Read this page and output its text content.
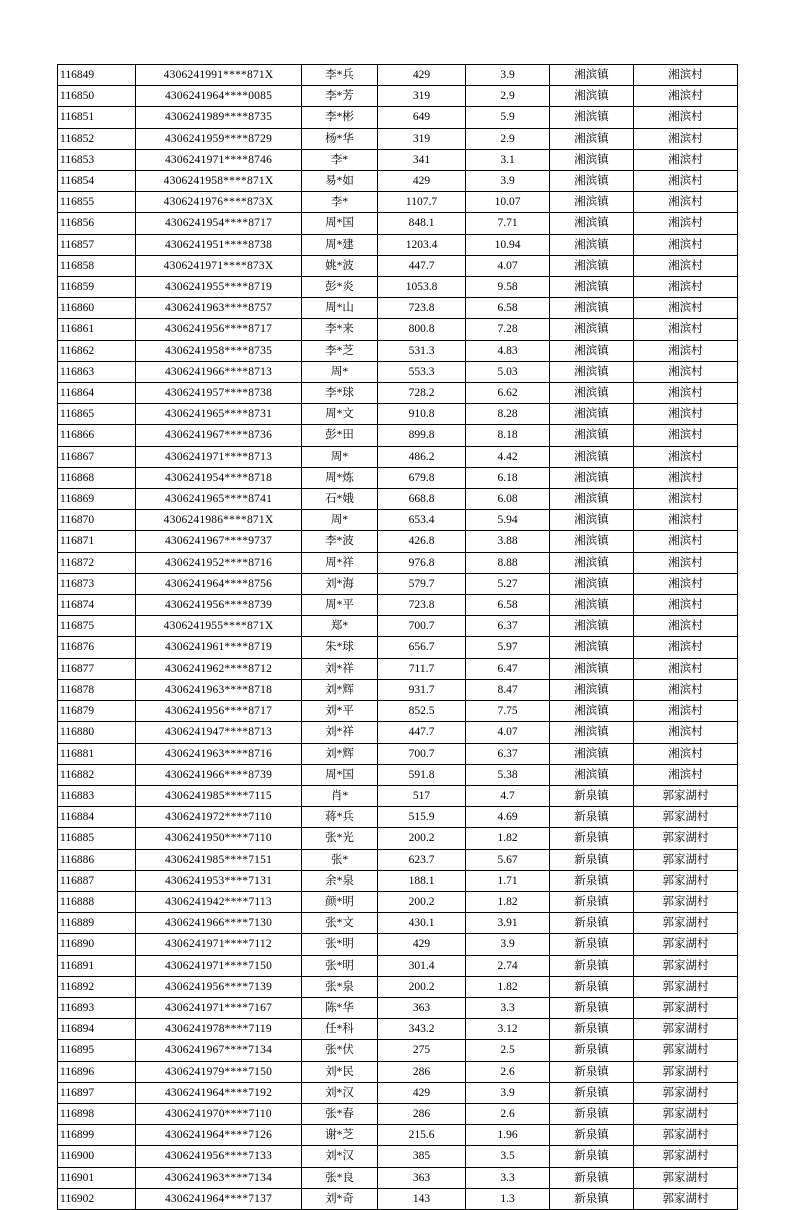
116849	4306241991****871X	李*兵	429	3.9	湘滨镇	湘滨村
116850	4306241964****0085	李*芳	319	2.9	湘滨镇	湘滨村
116851	4306241989****8735	李*彬	649	5.9	湘滨镇	湘滨村
116852	4306241959****8729	杨*华	319	2.9	湘滨镇	湘滨村
116853	4306241971****8746	李*	341	3.1	湘滨镇	湘滨村
116854	4306241958****871X	易*如	429	3.9	湘滨镇	湘滨村
116855	4306241976****873X	李*	1107.7	10.07	湘滨镇	湘滨村
116856	4306241954****8717	周*国	848.1	7.71	湘滨镇	湘滨村
116857	4306241951****8738	周*建	1203.4	10.94	湘滨镇	湘滨村
116858	4306241971****873X	姚*波	447.7	4.07	湘滨镇	湘滨村
116859	4306241955****8719	彭*炎	1053.8	9.58	湘滨镇	湘滨村
116860	4306241963****8757	周*山	723.8	6.58	湘滨镇	湘滨村
116861	4306241956****8717	李*来	800.8	7.28	湘滨镇	湘滨村
116862	4306241958****8735	李*芝	531.3	4.83	湘滨镇	湘滨村
116863	4306241966****8713	周*	553.3	5.03	湘滨镇	湘滨村
116864	4306241957****8738	李*球	728.2	6.62	湘滨镇	湘滨村
116865	4306241965****8731	周*文	910.8	8.28	湘滨镇	湘滨村
116866	4306241967****8736	彭*田	899.8	8.18	湘滨镇	湘滨村
116867	4306241971****8713	周*	486.2	4.42	湘滨镇	湘滨村
116868	4306241954****8718	周*炼	679.8	6.18	湘滨镇	湘滨村
116869	4306241965****8741	石*娥	668.8	6.08	湘滨镇	湘滨村
116870	4306241986****871X	周*	653.4	5.94	湘滨镇	湘滨村
116871	4306241967****9737	李*波	426.8	3.88	湘滨镇	湘滨村
116872	4306241952****8716	周*祥	976.8	8.88	湘滨镇	湘滨村
116873	4306241964****8756	刘*海	579.7	5.27	湘滨镇	湘滨村
116874	4306241956****8739	周*平	723.8	6.58	湘滨镇	湘滨村
116875	4306241955****871X	郑*	700.7	6.37	湘滨镇	湘滨村
116876	4306241961****8719	朱*球	656.7	5.97	湘滨镇	湘滨村
116877	4306241962****8712	刘*祥	711.7	6.47	湘滨镇	湘滨村
116878	4306241963****8718	刘*辉	931.7	8.47	湘滨镇	湘滨村
116879	4306241956****8717	刘*平	852.5	7.75	湘滨镇	湘滨村
116880	4306241947****8713	刘*祥	447.7	4.07	湘滨镇	湘滨村
116881	4306241963****8716	刘*辉	700.7	6.37	湘滨镇	湘滨村
116882	4306241966****8739	周*国	591.8	5.38	湘滨镇	湘滨村
116883	4306241985****7115	肖*	517	4.7	新泉镇	郭家湖村
116884	4306241972****7110	蒋*兵	515.9	4.69	新泉镇	郭家湖村
116885	4306241950****7110	张*光	200.2	1.82	新泉镇	郭家湖村
116886	4306241985****7151	张*	623.7	5.67	新泉镇	郭家湖村
116887	4306241953****7131	余*泉	188.1	1.71	新泉镇	郭家湖村
116888	4306241942****7113	颜*明	200.2	1.82	新泉镇	郭家湖村
116889	4306241966****7130	张*文	430.1	3.91	新泉镇	郭家湖村
116890	4306241971****7112	张*明	429	3.9	新泉镇	郭家湖村
116891	4306241971****7150	张*明	301.4	2.74	新泉镇	郭家湖村
116892	4306241956****7139	张*泉	200.2	1.82	新泉镇	郭家湖村
116893	4306241971****7167	陈*华	363	3.3	新泉镇	郭家湖村
116894	4306241978****7119	任*科	343.2	3.12	新泉镇	郭家湖村
116895	4306241967****7134	张*伏	275	2.5	新泉镇	郭家湖村
116896	4306241979****7150	刘*民	286	2.6	新泉镇	郭家湖村
116897	4306241964****7192	刘*汉	429	3.9	新泉镇	郭家湖村
116898	4306241970****7110	张*春	286	2.6	新泉镇	郭家湖村
116899	4306241964****7126	谢*芝	215.6	1.96	新泉镇	郭家湖村
116900	4306241956****7133	刘*汉	385	3.5	新泉镇	郭家湖村
116901	4306241963****7134	张*良	363	3.3	新泉镇	郭家湖村
116902	4306241964****7137	刘*奇	143	1.3	新泉镇	郭家湖村
